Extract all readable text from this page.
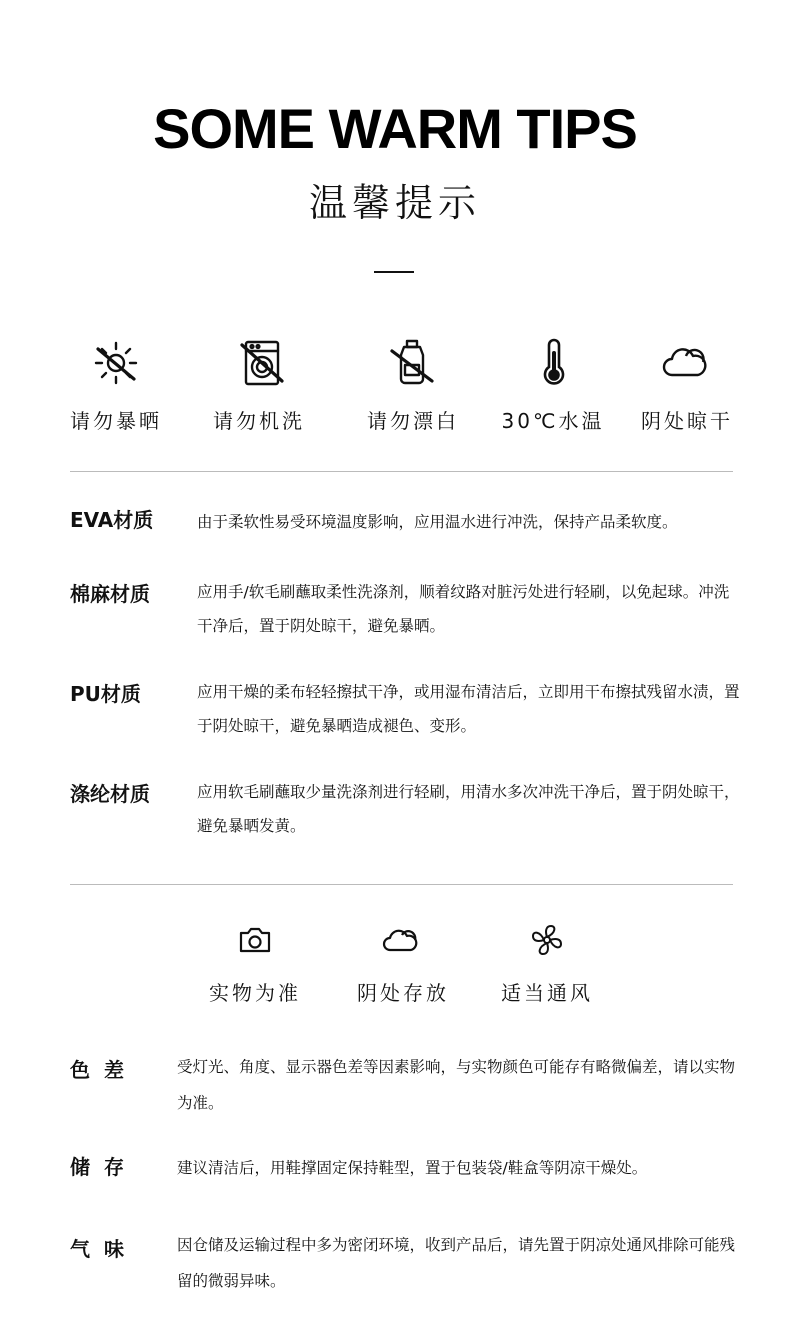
SOME WARM TIPS
温馨提示
请勿暴晒	请勿机洗	请勿漂白	30℃水温	阴处晾干
EVA材质	由于柔软性易受环境温度影响，应用温水进行冲洗，保持产品柔软度。
棉麻材质	应用手/软毛刷蘸取柔性洗涤剂，顺着纹路对脏污处进行轻刷，以免起球。冲洗干净后，置于阴处晾干，避免暴晒。
PU材质	应用干燥的柔布轻轻擦拭干净，或用湿布清洁后，立即用干布擦拭残留水渍，置于阴处晾干，避免暴晒造成褪色、变形。
涤纶材质	应用软毛刷蘸取少量洗涤剂进行轻刷，用清水多次冲洗干净后，置于阴处晾干，避免暴晒发黄。
实物为准	阴处存放	适当通风
色差	受灯光、角度、显示器色差等因素影响，与实物颜色可能存有略微偏差，请以实物为准。
储存	建议清洁后，用鞋撑固定保持鞋型，置于包装袋/鞋盒等阴凉干燥处。
气味	因仓储及运输过程中多为密闭环境，收到产品后，请先置于阴凉处通风排除可能残留的微弱异味。
